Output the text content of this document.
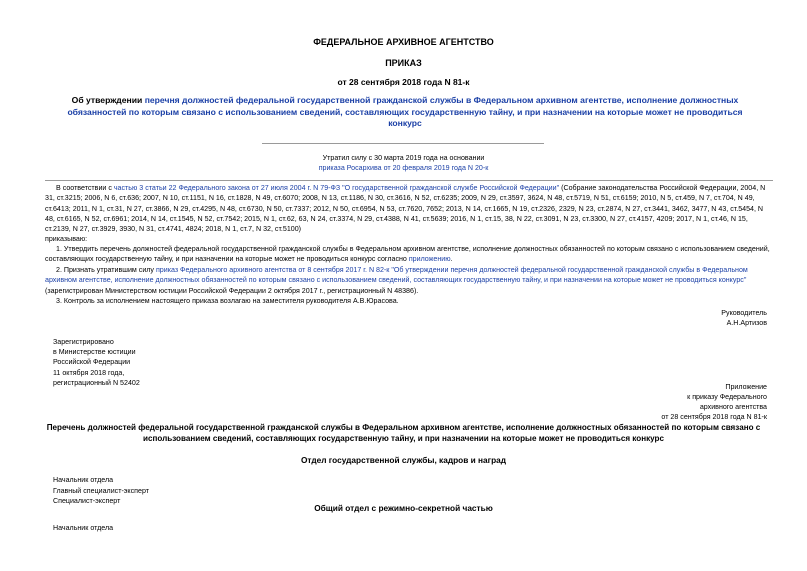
ФЕДЕРАЛЬНОЕ АРХИВНОЕ АГЕНТСТВО
ПРИКАЗ
от 28 сентября 2018 года N 81-к
Об утверждении перечня должностей федеральной государственной гражданской службы в Федеральном архивном агентстве, исполнение должностных обязанностей по которым связано с использованием сведений, составляющих государственную тайну, и при назначении на которые может не проводиться конкурс
Утратил силу с 30 марта 2019 года на основании
приказа Росархива от 20 февраля 2019 года N 20-к
В соответствии с частью 3 статьи 22 Федерального закона от 27 июля 2004 г. N 79-ФЗ "О государственной гражданской службе Российской Федерации" (Собрание законодательства Российской Федерации, 2004, N 31, ст.3215; 2006, N 6, ст.636; 2007, N 10, ст.1151, N 16, ст.1828, N 49, ст.6070; 2008, N 13, ст.1186, N 30, ст.3616, N 52, ст.6235; 2009, N 29, ст.3597, 3624, N 48, ст.5719, N 51, ст.6159; 2010, N 5, ст.459, N 7, ст.704, N 49, ст.6413; 2011, N 1, ст.31, N 27, ст.3866, N 29, ст.4295, N 48, ст.6730, N 50, ст.7337; 2012, N 50, ст.6954, N 53, ст.7620, 7652; 2013, N 14, ст.1665, N 19, ст.2326, 2329, N 23, ст.2874, N 27, ст.3441, 3462, 3477, N 43, ст.5454, N 48, ст.6165, N 52, ст.6961; 2014, N 14, ст.1545, N 52, ст.7542; 2015, N 1, ст.62, 63, N 24, ст.3374, N 29, ст.4388, N 41, ст.5639; 2016, N 1, ст.15, 38, N 22, ст.3091, N 23, ст.3300, N 27, ст.4157, 4209; 2017, N 1, ст.46, N 15, ст.2139, N 27, ст.3929, 3930, N 31, ст.4741, 4824; 2018, N 1, ст.7, N 32, ст.5100)
приказываю:
1. Утвердить перечень должностей федеральной государственной гражданской службы в Федеральном архивном агентстве, исполнение должностных обязанностей по которым связано с использованием сведений, составляющих государственную тайну, и при назначении на которые может не проводиться конкурс согласно приложению.
2. Признать утратившим силу приказ Федерального архивного агентства от 8 сентября 2017 г. N 82-к "Об утверждении перечня должностей федеральной государственной гражданской службы в Федеральном архивном агентстве, исполнение должностных обязанностей по которым связано с использованием сведений, составляющих государственную тайну, и при назначении на которые может не проводиться конкурс" (зарегистрирован Министерством юстиции Российской Федерации 2 октября 2017 г., регистрационный N 48386).
3. Контроль за исполнением настоящего приказа возлагаю на заместителя руководителя А.В.Юрасова.
Руководитель
А.Н.Артизов
Зарегистрировано
в Министерстве юстиции
Российской Федерации
11 октября 2018 года,
регистрационный N 52402	Приложение
к приказу Федерального
архивного агентства
от 28 сентября 2018 года N 81-к
Перечень должностей федеральной государственной гражданской службы в Федеральном архивном агентстве, исполнение должностных обязанностей по которым связано с использованием сведений, составляющих государственную тайну, и при назначении на которые может не проводиться конкурс
Отдел государственной службы, кадров и наград
Начальник отдела
Главный специалист-эксперт
Специалист-эксперт
Общий отдел с режимно-секретной частью
Начальник отдела
